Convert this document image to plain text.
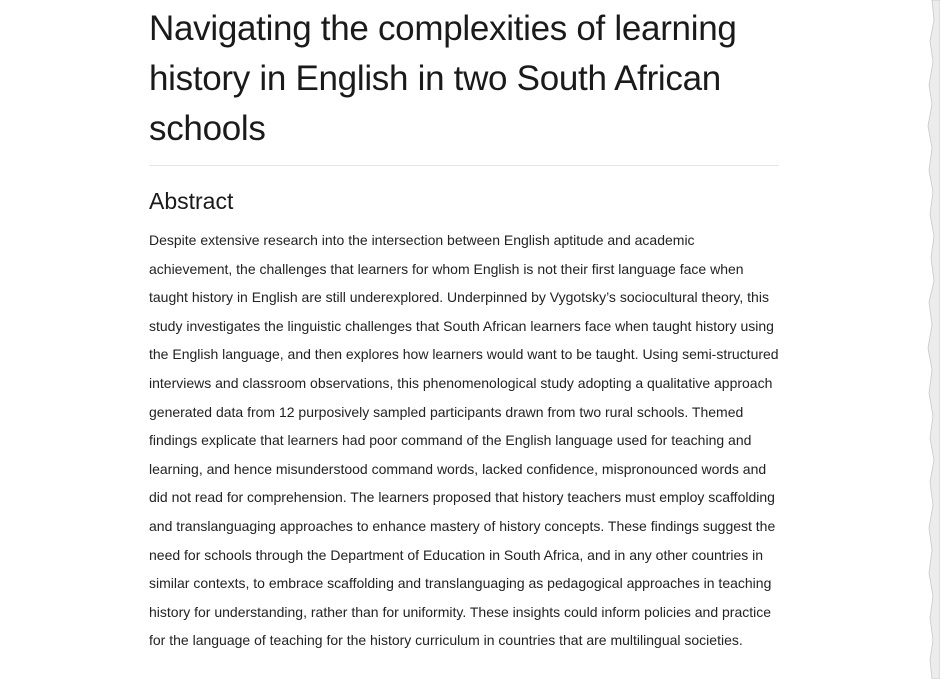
Navigating the complexities of learning history in English in two South African schools
Abstract

Despite extensive research into the intersection between English aptitude and academic achievement, the challenges that learners for whom English is not their first language face when taught history in English are still underexplored. Underpinned by Vygotsky’s sociocultural theory, this study investigates the linguistic challenges that South African learners face when taught history using the English language, and then explores how learners would want to be taught. Using semi-structured interviews and classroom observations, this phenomenological study adopting a qualitative approach generated data from 12 purposively sampled participants drawn from two rural schools. Themed findings explicate that learners had poor command of the English language used for teaching and learning, and hence misunderstood command words, lacked confidence, mispronounced words and did not read for comprehension. The learners proposed that history teachers must employ scaffolding and translanguaging approaches to enhance mastery of history concepts. These findings suggest the need for schools through the Department of Education in South Africa, and in any other countries in similar contexts, to embrace scaffolding and translanguaging as pedagogical approaches in teaching history for understanding, rather than for uniformity. These insights could inform policies and practice for the language of teaching for the history curriculum in countries that are multilingual societies.
